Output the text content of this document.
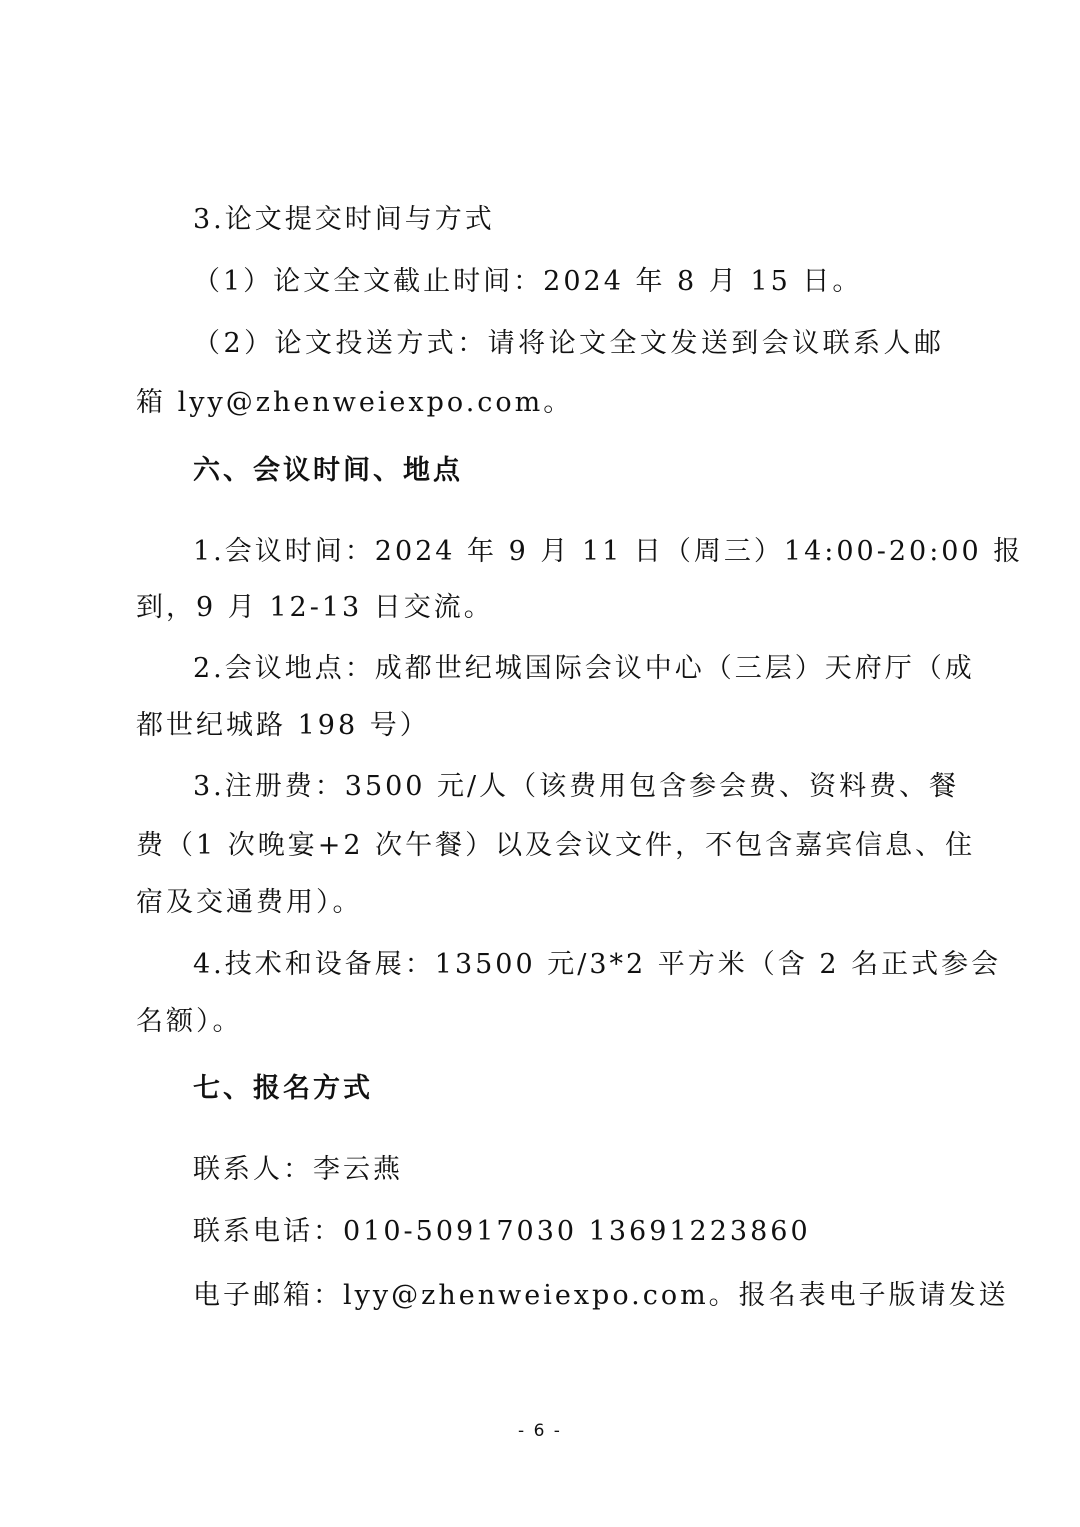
3.论文提交时间与方式
（1）论文全文截止时间：2024 年 8 月 15 日。
（2）论文投送方式：请将论文全文发送到会议联系人邮
箱 lyy@zhenweiexpo.com。
六、会议时间、地点
1.会议时间：2024 年 9 月 11 日（周三）14:00-20:00 报
到，9 月 12-13 日交流。
2.会议地点：成都世纪城国际会议中心（三层）天府厅（成
都世纪城路 198 号）
3.注册费：3500 元/人（该费用包含参会费、资料费、餐
费（1 次晚宴+2 次午餐）以及会议文件，不包含嘉宾信息、住
宿及交通费用）。
4.技术和设备展：13500 元/3*2 平方米（含 2 名正式参会
名额）。
七、报名方式
联系人：李云燕
联系电话：010-50917030 13691223860
电子邮箱：lyy@zhenweiexpo.com。报名表电子版请发送
- 6 -
